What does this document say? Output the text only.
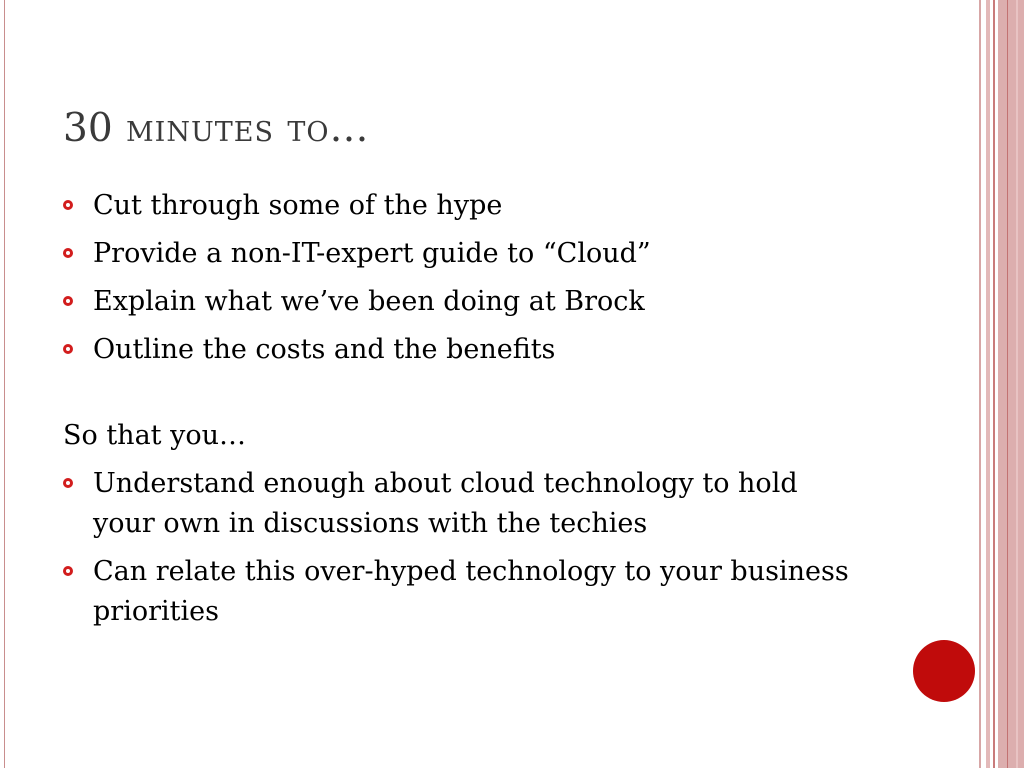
30 minutes to…
Cut through some of the hype
Provide a non-IT-expert guide to “Cloud”
Explain what we’ve been doing at Brock
Outline the costs and the benefits
So that you…
Understand enough about cloud technology to hold your own in discussions with the techies
Can relate this over-hyped technology to your business priorities
